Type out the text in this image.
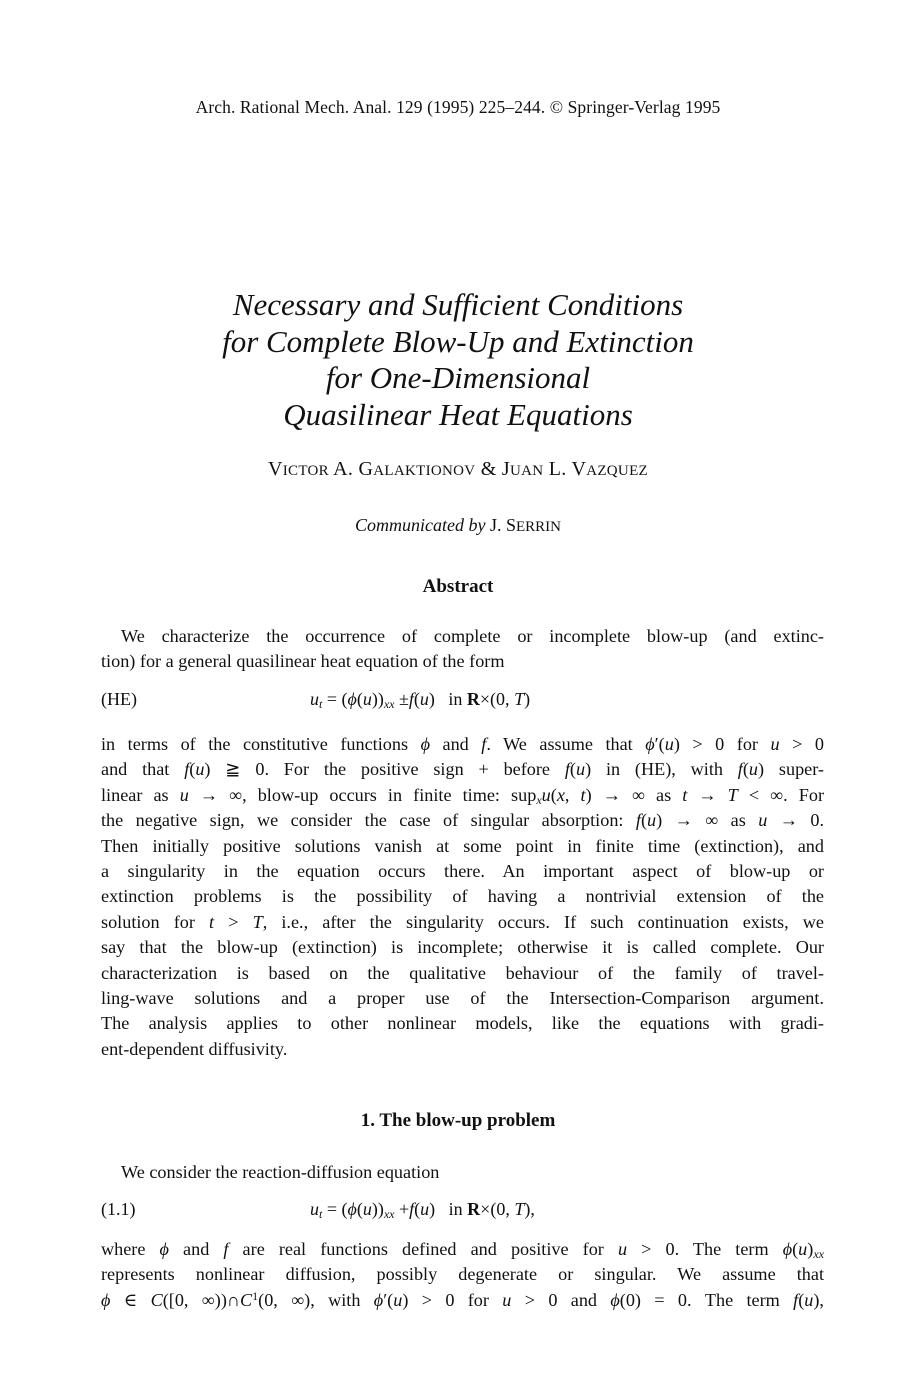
Arch. Rational Mech. Anal. 129 (1995) 225–244. © Springer-Verlag 1995
Necessary and Sufficient Conditions
for Complete Blow-Up and Extinction
for One-Dimensional
Quasilinear Heat Equations
VICTOR A. GALAKTIONOV & JUAN L. VAZQUEZ
Communicated by J. SERRIN
Abstract
We characterize the occurrence of complete or incomplete blow-up (and extinc-
tion) for a general quasilinear heat equation of the form
(HE)	$u_t = (\phi(u))_{xx} \pm f(u)$ in R×(0, T)
in terms of the constitutive functions ϕ and f. We assume that ϕ′(u) > 0 for u > 0
and that f(u) ≧ 0. For the positive sign + before f(u) in (HE), with f(u) super-
linear as u → ∞, blow-up occurs in finite time: sup$_x$u(x, t) → ∞ as t → T < ∞. For
the negative sign, we consider the case of singular absorption: f(u) → ∞ as u → 0.
Then initially positive solutions vanish at some point in finite time (extinction), and
a singularity in the equation occurs there. An important aspect of blow-up or
extinction problems is the possibility of having a nontrivial extension of the
solution for t > T, i.e., after the singularity occurs. If such continuation exists, we
say that the blow-up (extinction) is incomplete; otherwise it is called complete. Our
characterization is based on the qualitative behaviour of the family of travel-
ling-wave solutions and a proper use of the Intersection-Comparison argument.
The analysis applies to other nonlinear models, like the equations with gradi-
ent-dependent diffusivity.
1. The blow-up problem
We consider the reaction-diffusion equation
(1.1)	$u_t = (\phi(u))_{xx} +f(u)$ in R×(0, T),
where ϕ and f are real functions defined and positive for u > 0. The term $\phi(u)_{xx}$
represents nonlinear diffusion, possibly degenerate or singular. We assume that
ϕ ∈ C([0, $\infty))\cap C^1(0$, ∞), with ϕ′(u) > 0 for u > 0 and ϕ(0) = 0. The term f(u),
